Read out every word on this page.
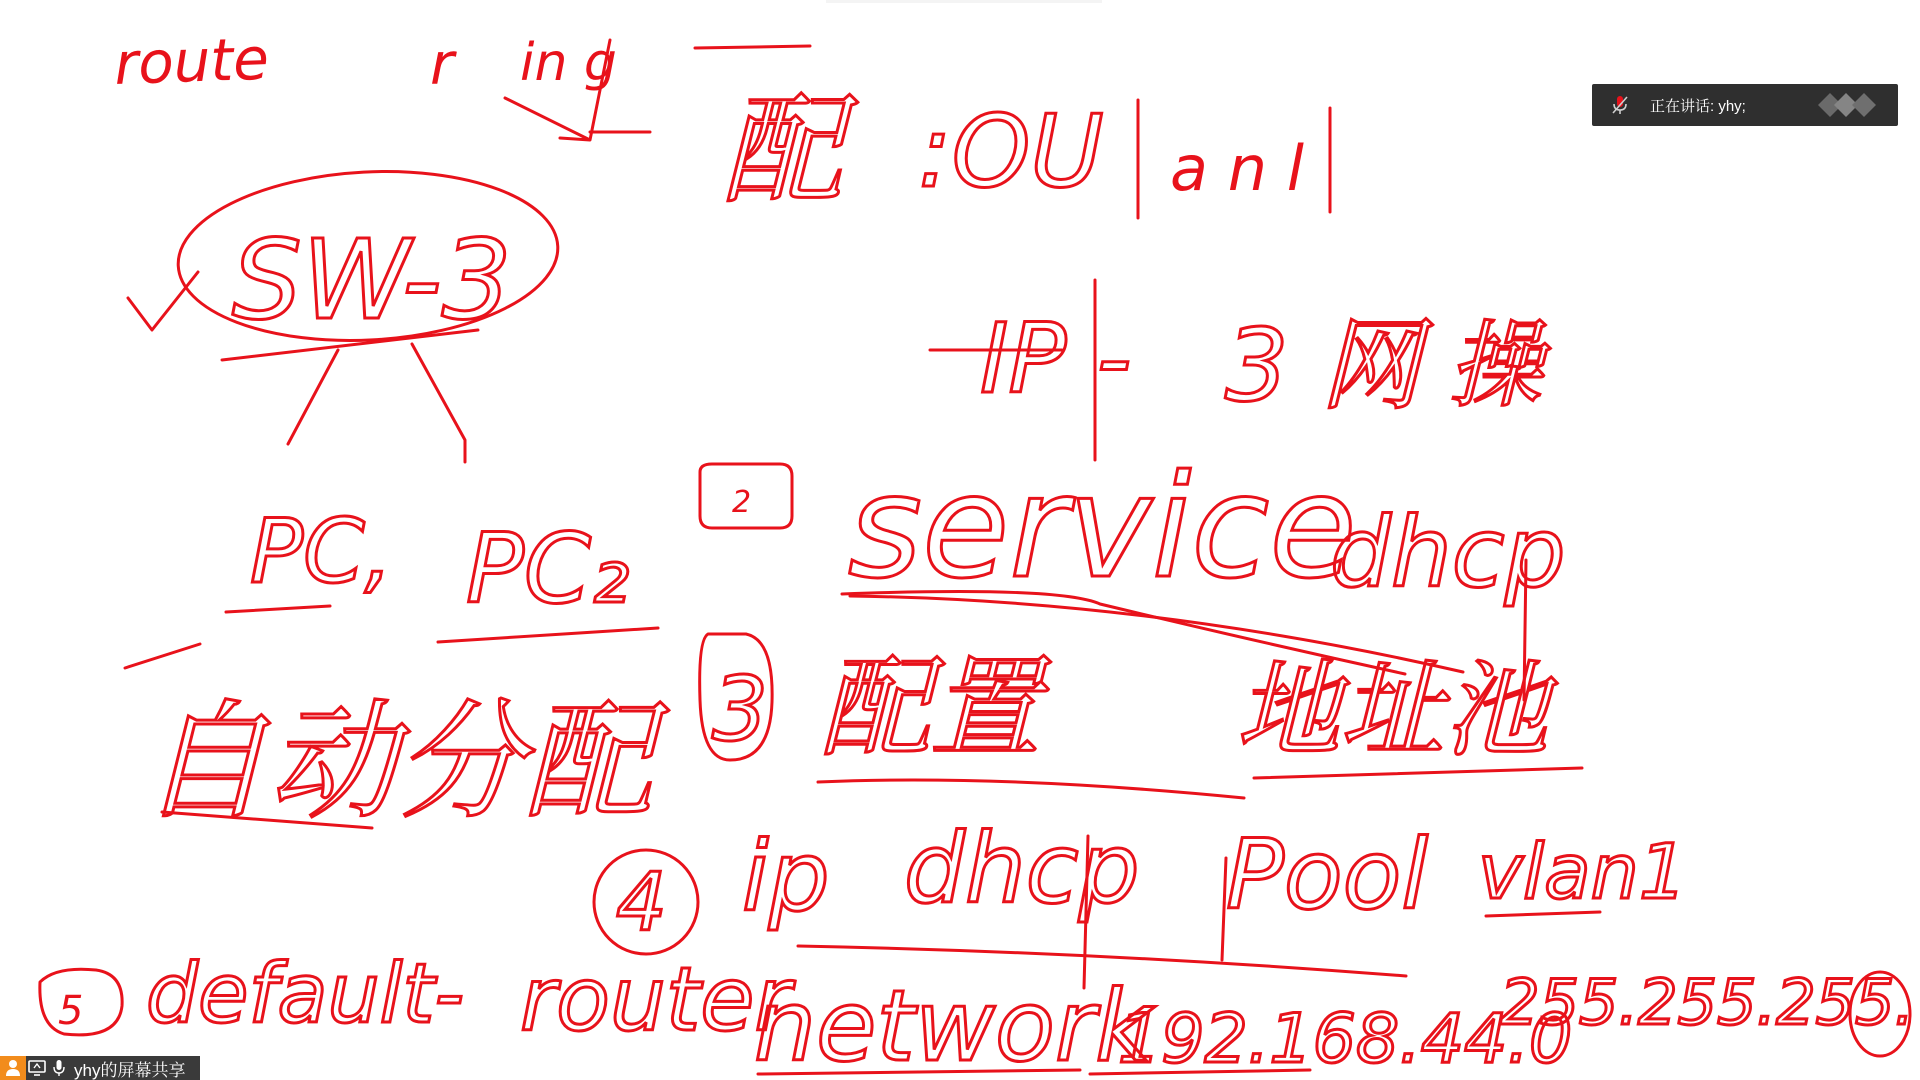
route	r in g
配 :OU a n l
SW-3
IP - 3 网 操
PC, PC₂
2 service
dhcp
自动分配 3 配置 地址池
4 ip dhcp Pool vlan1
5 default- router
network
192.168.44.0
255.255.255.
正在讲话: yhy;
yhy的屏幕共享
